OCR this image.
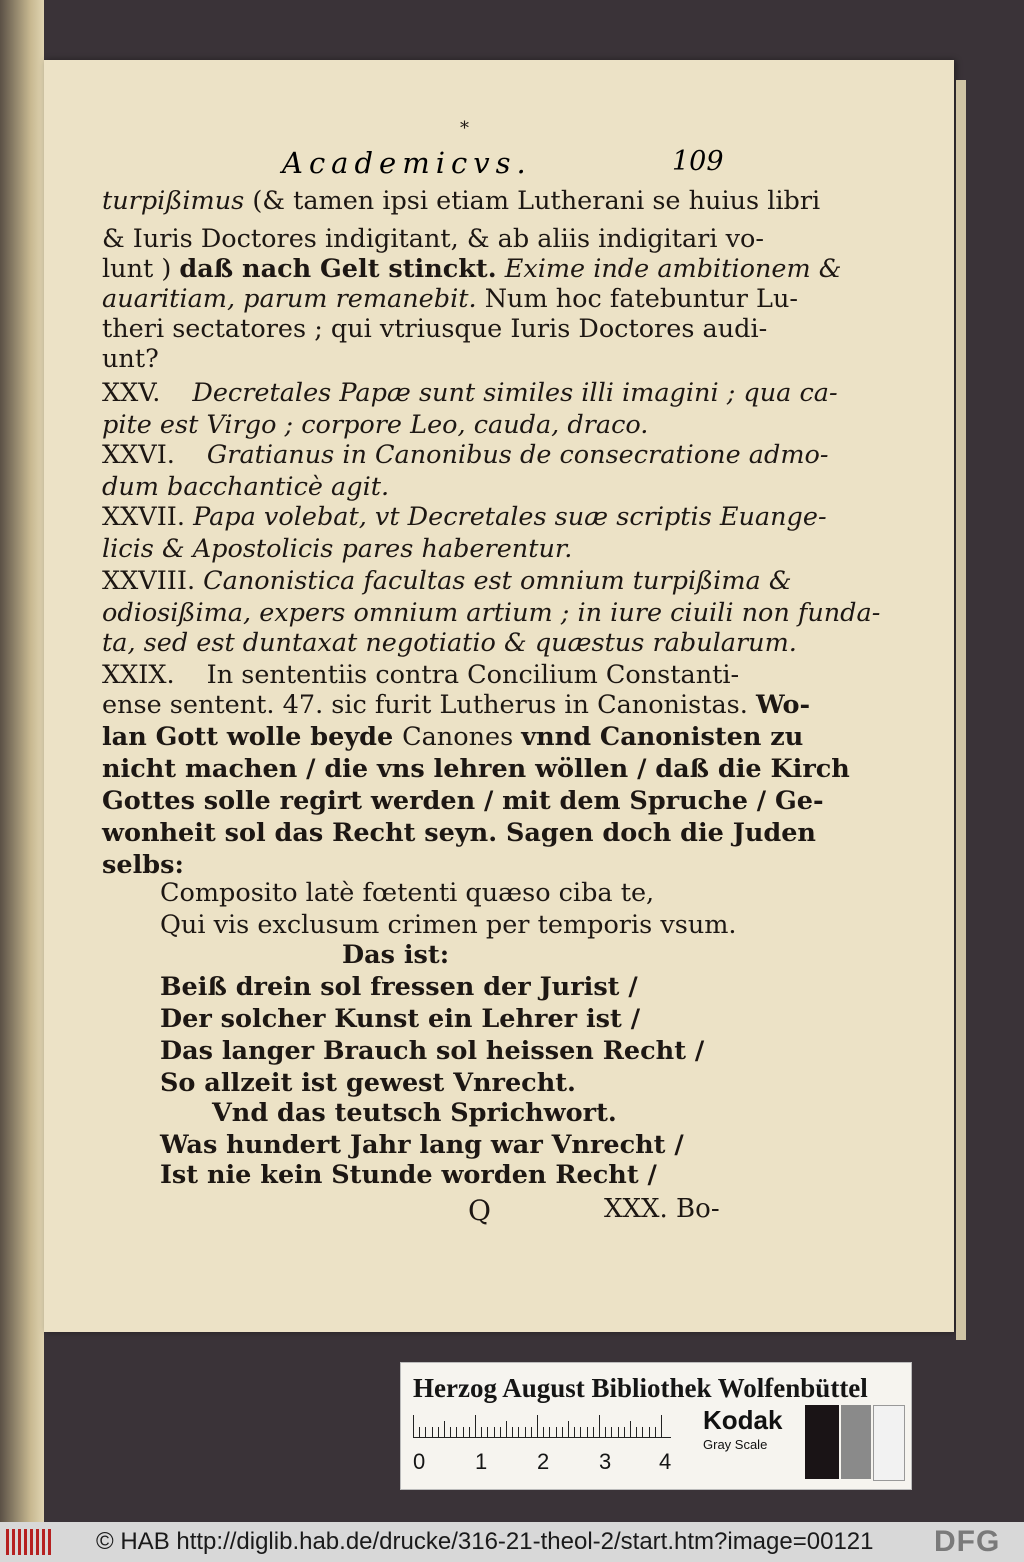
*
Academicvs.	109
turpißimus (& tamen ipsi etiam Lutherani se huius libri
& Iuris Doctores indigitant, & ab aliis indigitari vo-
lunt ) daß nach Gelt stinckt. Exime inde ambitionem &
auaritiam, parum remanebit. Num hoc fatebuntur Lu-
theri sectatores ; qui vtriusque Iuris Doctores audi-
unt?
XXV. Decretales Papæ sunt similes illi imagini ; qua ca-
pite est Virgo ; corpore Leo, cauda, draco.
XXVI. Gratianus in Canonibus de consecratione admo-
dum bacchanticè agit.
XXVII. Papa volebat, vt Decretales suæ scriptis Euange-
licis & Apostolicis pares haberentur.
XXVIII. Canonistica facultas est omnium turpißima &
odiosißima, expers omnium artium ; in iure ciuili non funda-
ta, sed est duntaxat negotiatio & quæstus rabularum.
XXIX. In sententiis contra Concilium Constanti-
ense sentent. 47. sic furit Lutherus in Canonistas. Wo-
lan Gott wolle beyde Canones vnnd Canonisten zu
nicht machen / die vns lehren wöllen / daß die Kirch
Gottes solle regirt werden / mit dem Spruche / Ge-
wonheit sol das Recht seyn. Sagen doch die Juden
selbs:
Composito latè fœtenti quæso ciba te,
Qui vis exclusum crimen per temporis vsum.
Das ist:
Beiß drein sol fressen der Jurist /
Der solcher Kunst ein Lehrer ist /
Das langer Brauch sol heissen Recht /
So allzeit ist gewest Vnrecht.
Vnd das teutsch Sprichwort.
Was hundert Jahr lang war Vnrecht /
Ist nie kein Stunde worden Recht /
Q	XXX. Bo-
Herzog August Bibliothek Wolfenbüttel
0 1 2 3 4
Kodak
Gray Scale
© HAB http://diglib.hab.de/drucke/316-21-theol-2/start.htm?image=00121 DFG
